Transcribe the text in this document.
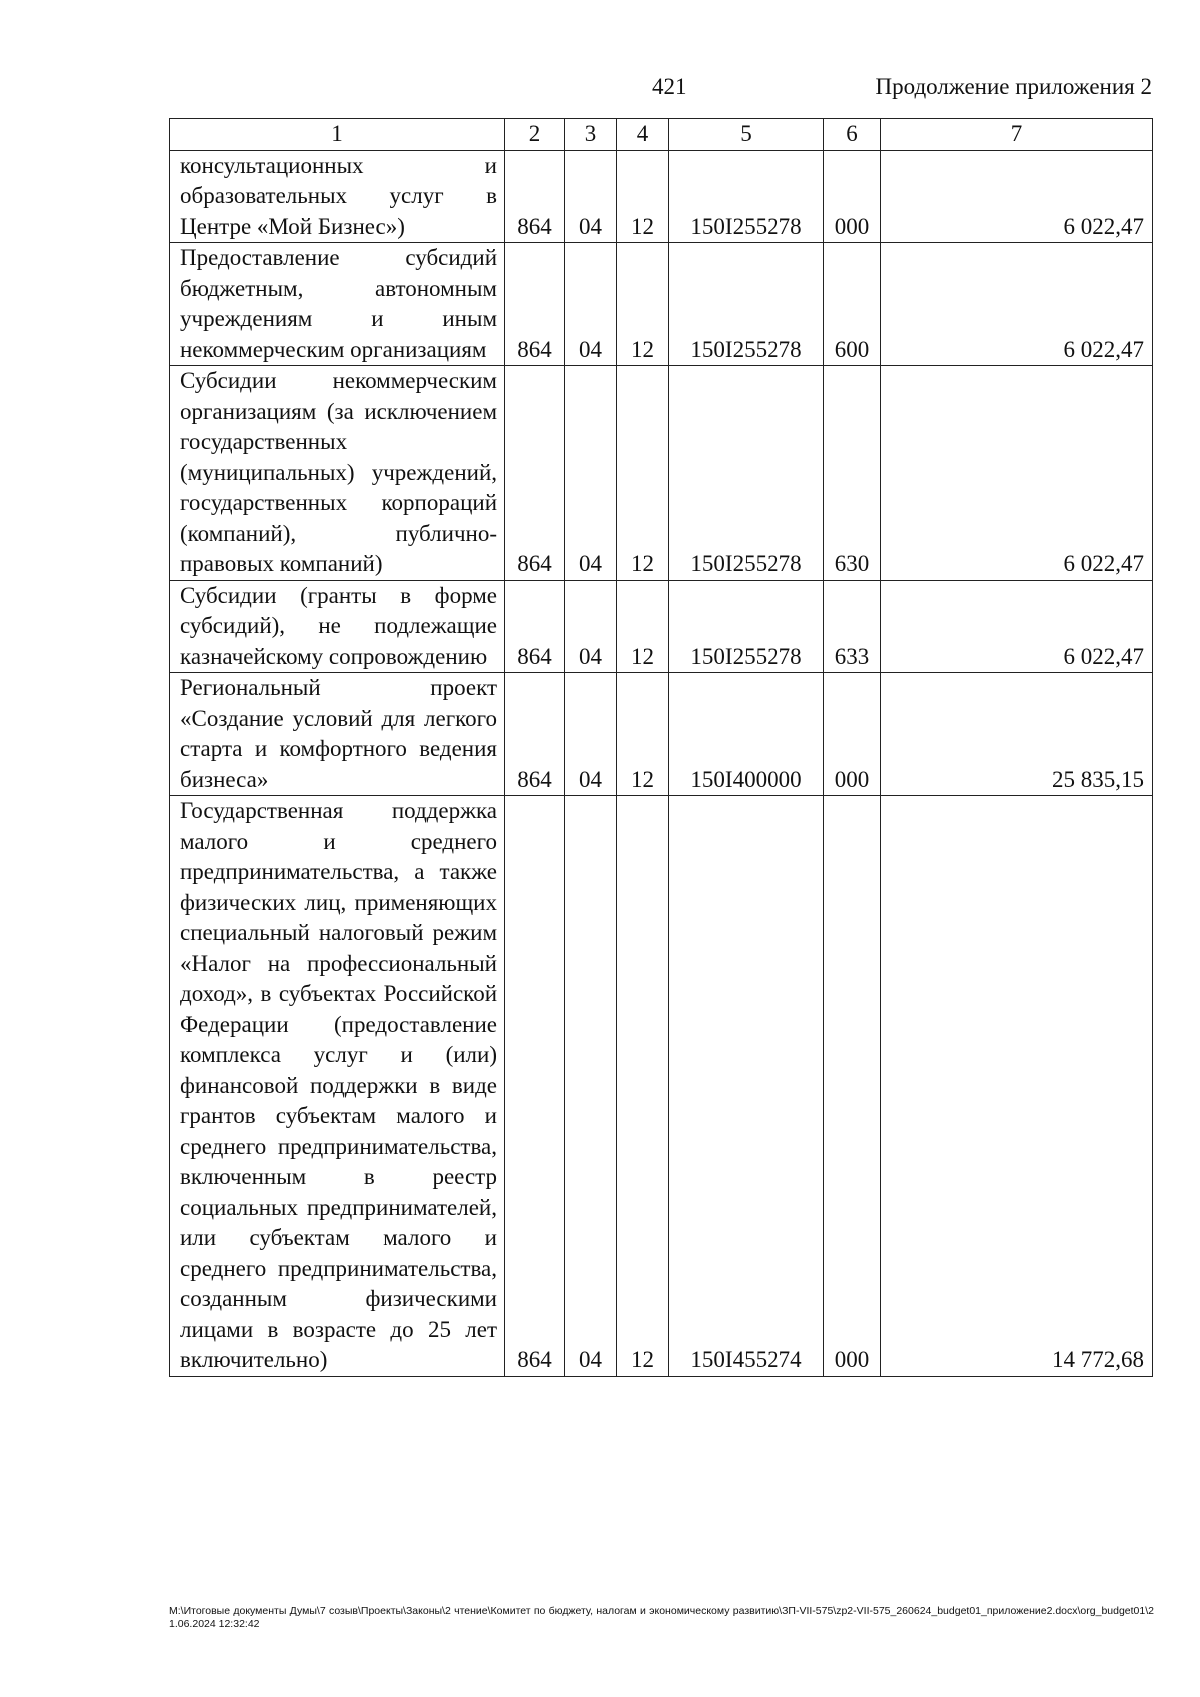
421	Продолжение приложения 2
1	2	3	4	5	6	7
консультационных и образовательных услуг в Центре «Мой Бизнес»)	864	04	12	150I255278	000	6 022,47
Предоставление субсидий бюджетным, автономным учреждениям и иным некоммерческим организациям	864	04	12	150I255278	600	6 022,47
Субсидии некоммерческим организациям (за исключением государственных (муниципальных) учреждений, государственных корпораций (компаний), публично-правовых компаний)	864	04	12	150I255278	630	6 022,47
Субсидии (гранты в форме субсидий), не подлежащие казначейскому сопровождению	864	04	12	150I255278	633	6 022,47
Региональный проект «Создание условий для легкого старта и комфортного ведения бизнеса»	864	04	12	150I400000	000	25 835,15
Государственная поддержка малого и среднего предпринимательства, а также физических лиц, применяющих специальный налоговый режим «Налог на профессиональный доход», в субъектах Российской Федерации (предоставление комплекса услуг и (или) финансовой поддержки в виде грантов субъектам малого и среднего предпринимательства, включенным в реестр социальных предпринимателей, или субъектам малого и среднего предпринимательства, созданным физическими лицами в возрасте до 25 лет включительно)	864	04	12	150I455274	000	14 772,68
M:\Итоговые документы Думы\7 созыв\Проекты\Законы\2 чтение\Комитет по бюджету, налогам и экономическому развитию\ЗП-VII-575\zp2-VII-575_260624_budget01_приложение2.docx\org_budget01\21.06.2024 12:32:42
